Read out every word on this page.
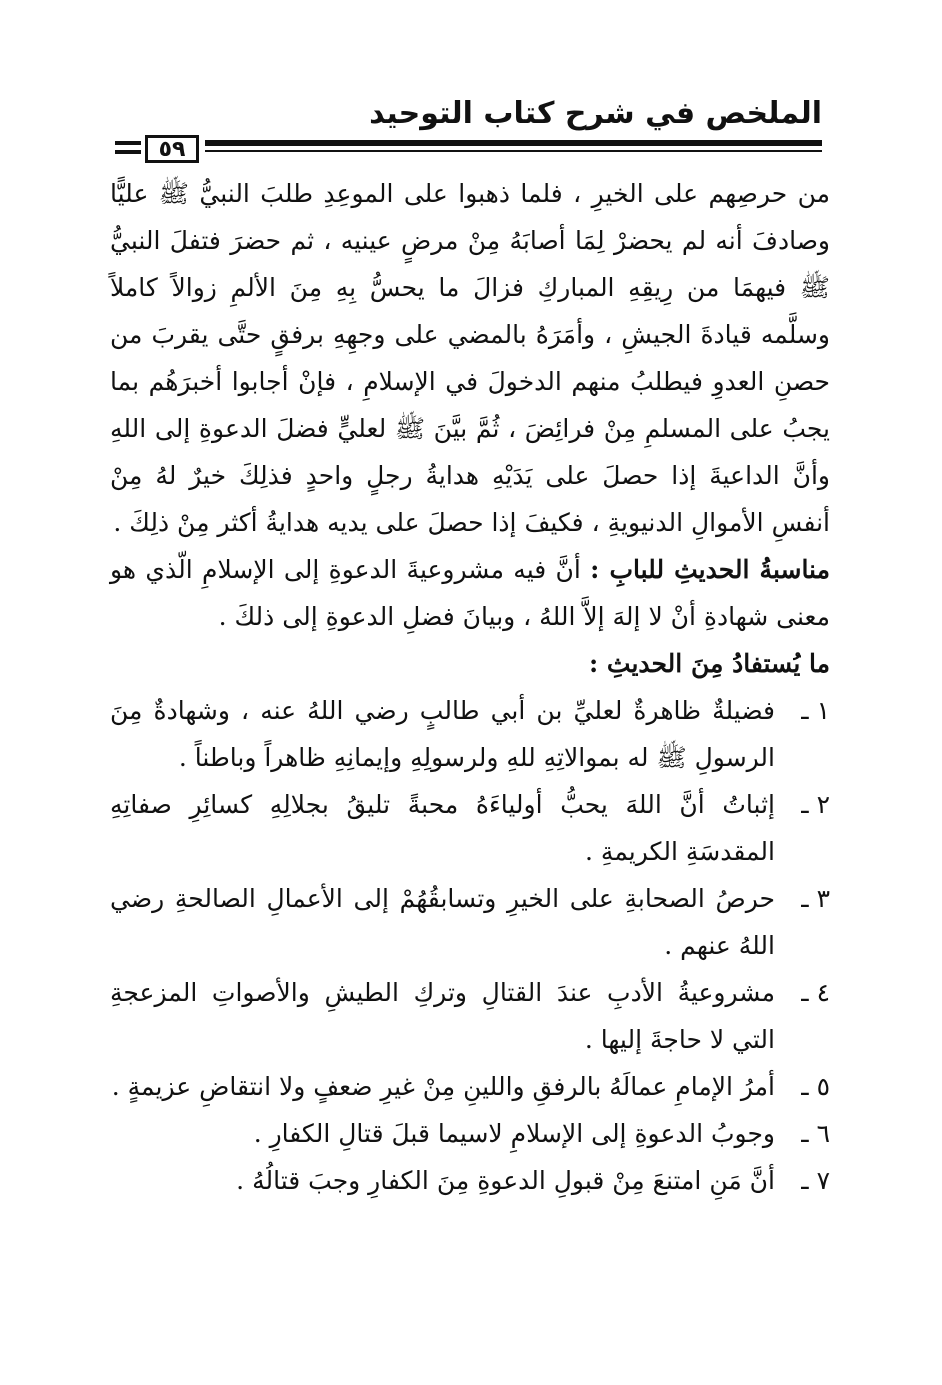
الملخص في شرح كتاب التوحيد
٥٩

من حرصِهم على الخيرِ ، فلما ذهبوا على الموعِدِ طلبَ النبيُّ ﷺ عليًّا وصادفَ أنه لم يحضرْ لِمَا أصابَهُ مِنْ مرضٍ عينيه ، ثم حضرَ فتفلَ النبيُّ ﷺ فيهمَا من رِيقِهِ المباركِ فزالَ ما يحسُّ بِهِ مِنَ الألمِ زوالاً كاملاً وسلَّمه قيادةَ الجيشِ ، وأمَرَهُ بالمضي على وجهِهِ برفقٍ حتَّى يقربَ من حصنِ العدوِ فيطلبُ منهم الدخولَ في الإسلامِ ، فإنْ أجابوا أخبرَهُم بما يجبُ على المسلمِ مِنْ فرائِضَ ، ثُمَّ بيَّنَ ﷺ لعليٍّ فضلَ الدعوةِ إلى اللهِ وأنَّ الداعيةَ إذا حصلَ على يَدَيْهِ هدايةُ رجلٍ واحدٍ فذلِكَ خيرٌ لهُ مِنْ أنفسِ الأموالِ الدنيويةِ ، فكيفَ إذا حصلَ على يديه هدايةُ أكثر مِنْ ذلِكَ .

مناسبةُ الحديثِ للبابِ : أنَّ فيه مشروعيةَ الدعوةِ إلى الإسلامِ الّذي هو معنى شهادةِ أنْ لا إلهَ إلاَّ اللهُ ، وبيانَ فضلِ الدعوةِ إلى ذلكَ .

ما يُستفادُ مِنَ الحديثِ :

١ ـ
فضيلةٌ ظاهرةٌ لعليِّ بن أبي طالبٍ رضي اللهُ عنه ، وشهادةٌ مِنَ الرسولِ ﷺ له بموالاتِهِ للهِ ولرسولِهِ وإيمانِهِ ظاهراً وباطناً .
٢ ـ
إثباتُ أنَّ اللهَ يحبُّ أولياءَهُ محبةً تليقُ بجلالِهِ كسائِرِ صفاتِهِ المقدسَةِ الكريمةِ .
٣ ـ
حرصُ الصحابةِ على الخيرِ وتسابقُهُمْ إلى الأعمالِ الصالحةِ رضي اللهُ عنهم .
٤ ـ
مشروعيةُ الأدبِ عندَ القتالِ وتركِ الطيشِ والأصواتِ المزعجةِ التي لا حاجةَ إليها .
٥ ـ
أمرُ الإمامِ عمالَهُ بالرفقِ واللينِ مِنْ غيرِ ضعفٍ ولا انتقاضِ عزيمةٍ .
٦ ـ
وجوبُ الدعوةِ إلى الإسلامِ لاسيما قبلَ قتالِ الكفارِ .
٧ ـ
أنَّ مَنِ امتنعَ مِنْ قبولِ الدعوةِ مِنَ الكفارِ وجبَ قتالُهُ .
